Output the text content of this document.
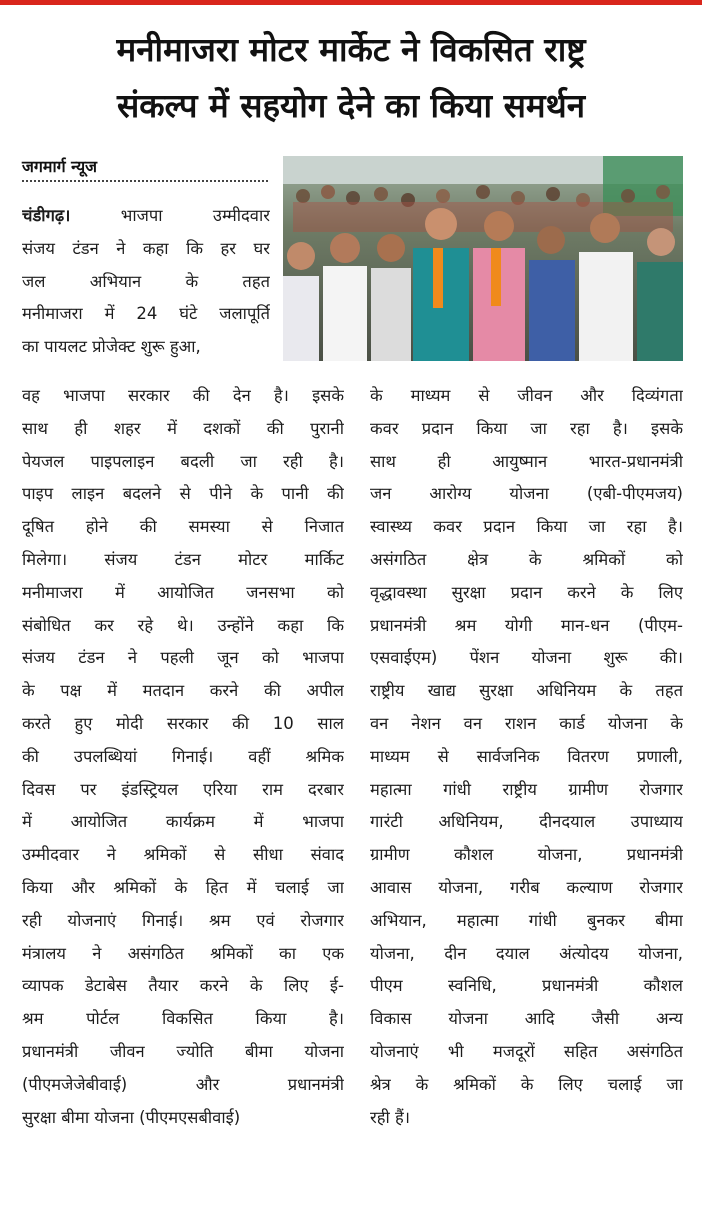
मनीमाजरा मोटर मार्केट ने विकसित राष्ट्र
संकल्प में सहयोग देने का किया समर्थन
जगमार्ग न्यूज
चंडीगढ़।	भाजपा उम्मीदवार
संजय टंडन ने कहा कि हर घर
जल अभियान के तहत
मनीमाजरा में 24 घंटे जलापूर्ति
का पायलट प्रोजेक्ट शुरू हुआ,
वह भाजपा सरकार की देन है। इसके
साथ ही शहर में दशकों की पुरानी
पेयजल पाइपलाइन बदली जा रही है।
पाइप लाइन बदलने से पीने के पानी की
दूषित होने की समस्या से निजात
मिलेगा। संजय टंडन मोटर मार्किट
मनीमाजरा में आयोजित जनसभा को
संबोधित कर रहे थे। उन्होंने कहा कि
संजय टंडन ने पहली जून को भाजपा
के पक्ष में मतदान करने की अपील
करते हुए मोदी सरकार की 10 साल
की उपलब्धियां गिनाई। वहीं श्रमिक
दिवस पर इंडस्ट्रियल एरिया राम दरबार
में आयोजित कार्यक्रम में भाजपा
उम्मीदवार ने श्रमिकों से सीधा संवाद
किया और श्रमिकों के हित में चलाई जा
रही योजनाएं गिनाई। श्रम एवं रोजगार
मंत्रालय ने असंगठित श्रमिकों का एक
व्यापक डेटाबेस तैयार करने के लिए ई-
श्रम पोर्टल विकसित किया है।
प्रधानमंत्री जीवन ज्योति बीमा योजना
(पीएमजेजेबीवाई) और प्रधानमंत्री
सुरक्षा बीमा योजना (पीएमएसबीवाई)
के माध्यम से जीवन और दिव्यंगता
कवर प्रदान किया जा रहा है। इसके
साथ ही आयुष्मान भारत-प्रधानमंत्री
जन आरोग्य योजना (एबी-पीएमजय)
स्वास्थ्य कवर प्रदान किया जा रहा है।
असंगठित क्षेत्र के श्रमिकों को
वृद्धावस्था सुरक्षा प्रदान करने के लिए
प्रधानमंत्री श्रम योगी मान-धन (पीएम-
एसवाईएम) पेंशन योजना शुरू की।
राष्ट्रीय खाद्य सुरक्षा अधिनियम के तहत
वन नेशन वन राशन कार्ड योजना के
माध्यम से सार्वजनिक वितरण प्रणाली,
महात्मा गांधी राष्ट्रीय ग्रामीण रोजगार
गारंटी अधिनियम, दीनदयाल उपाध्याय
ग्रामीण कौशल योजना, प्रधानमंत्री
आवास योजना, गरीब कल्याण रोजगार
अभियान, महात्मा गांधी बुनकर बीमा
योजना, दीन दयाल अंत्योदय योजना,
पीएम स्वनिधि, प्रधानमंत्री कौशल
विकास योजना आदि जैसी अन्य
योजनाएं भी मजदूरों सहित असंगठित
श्रेत्र के श्रमिकों के लिए चलाई जा
रही हैं।
